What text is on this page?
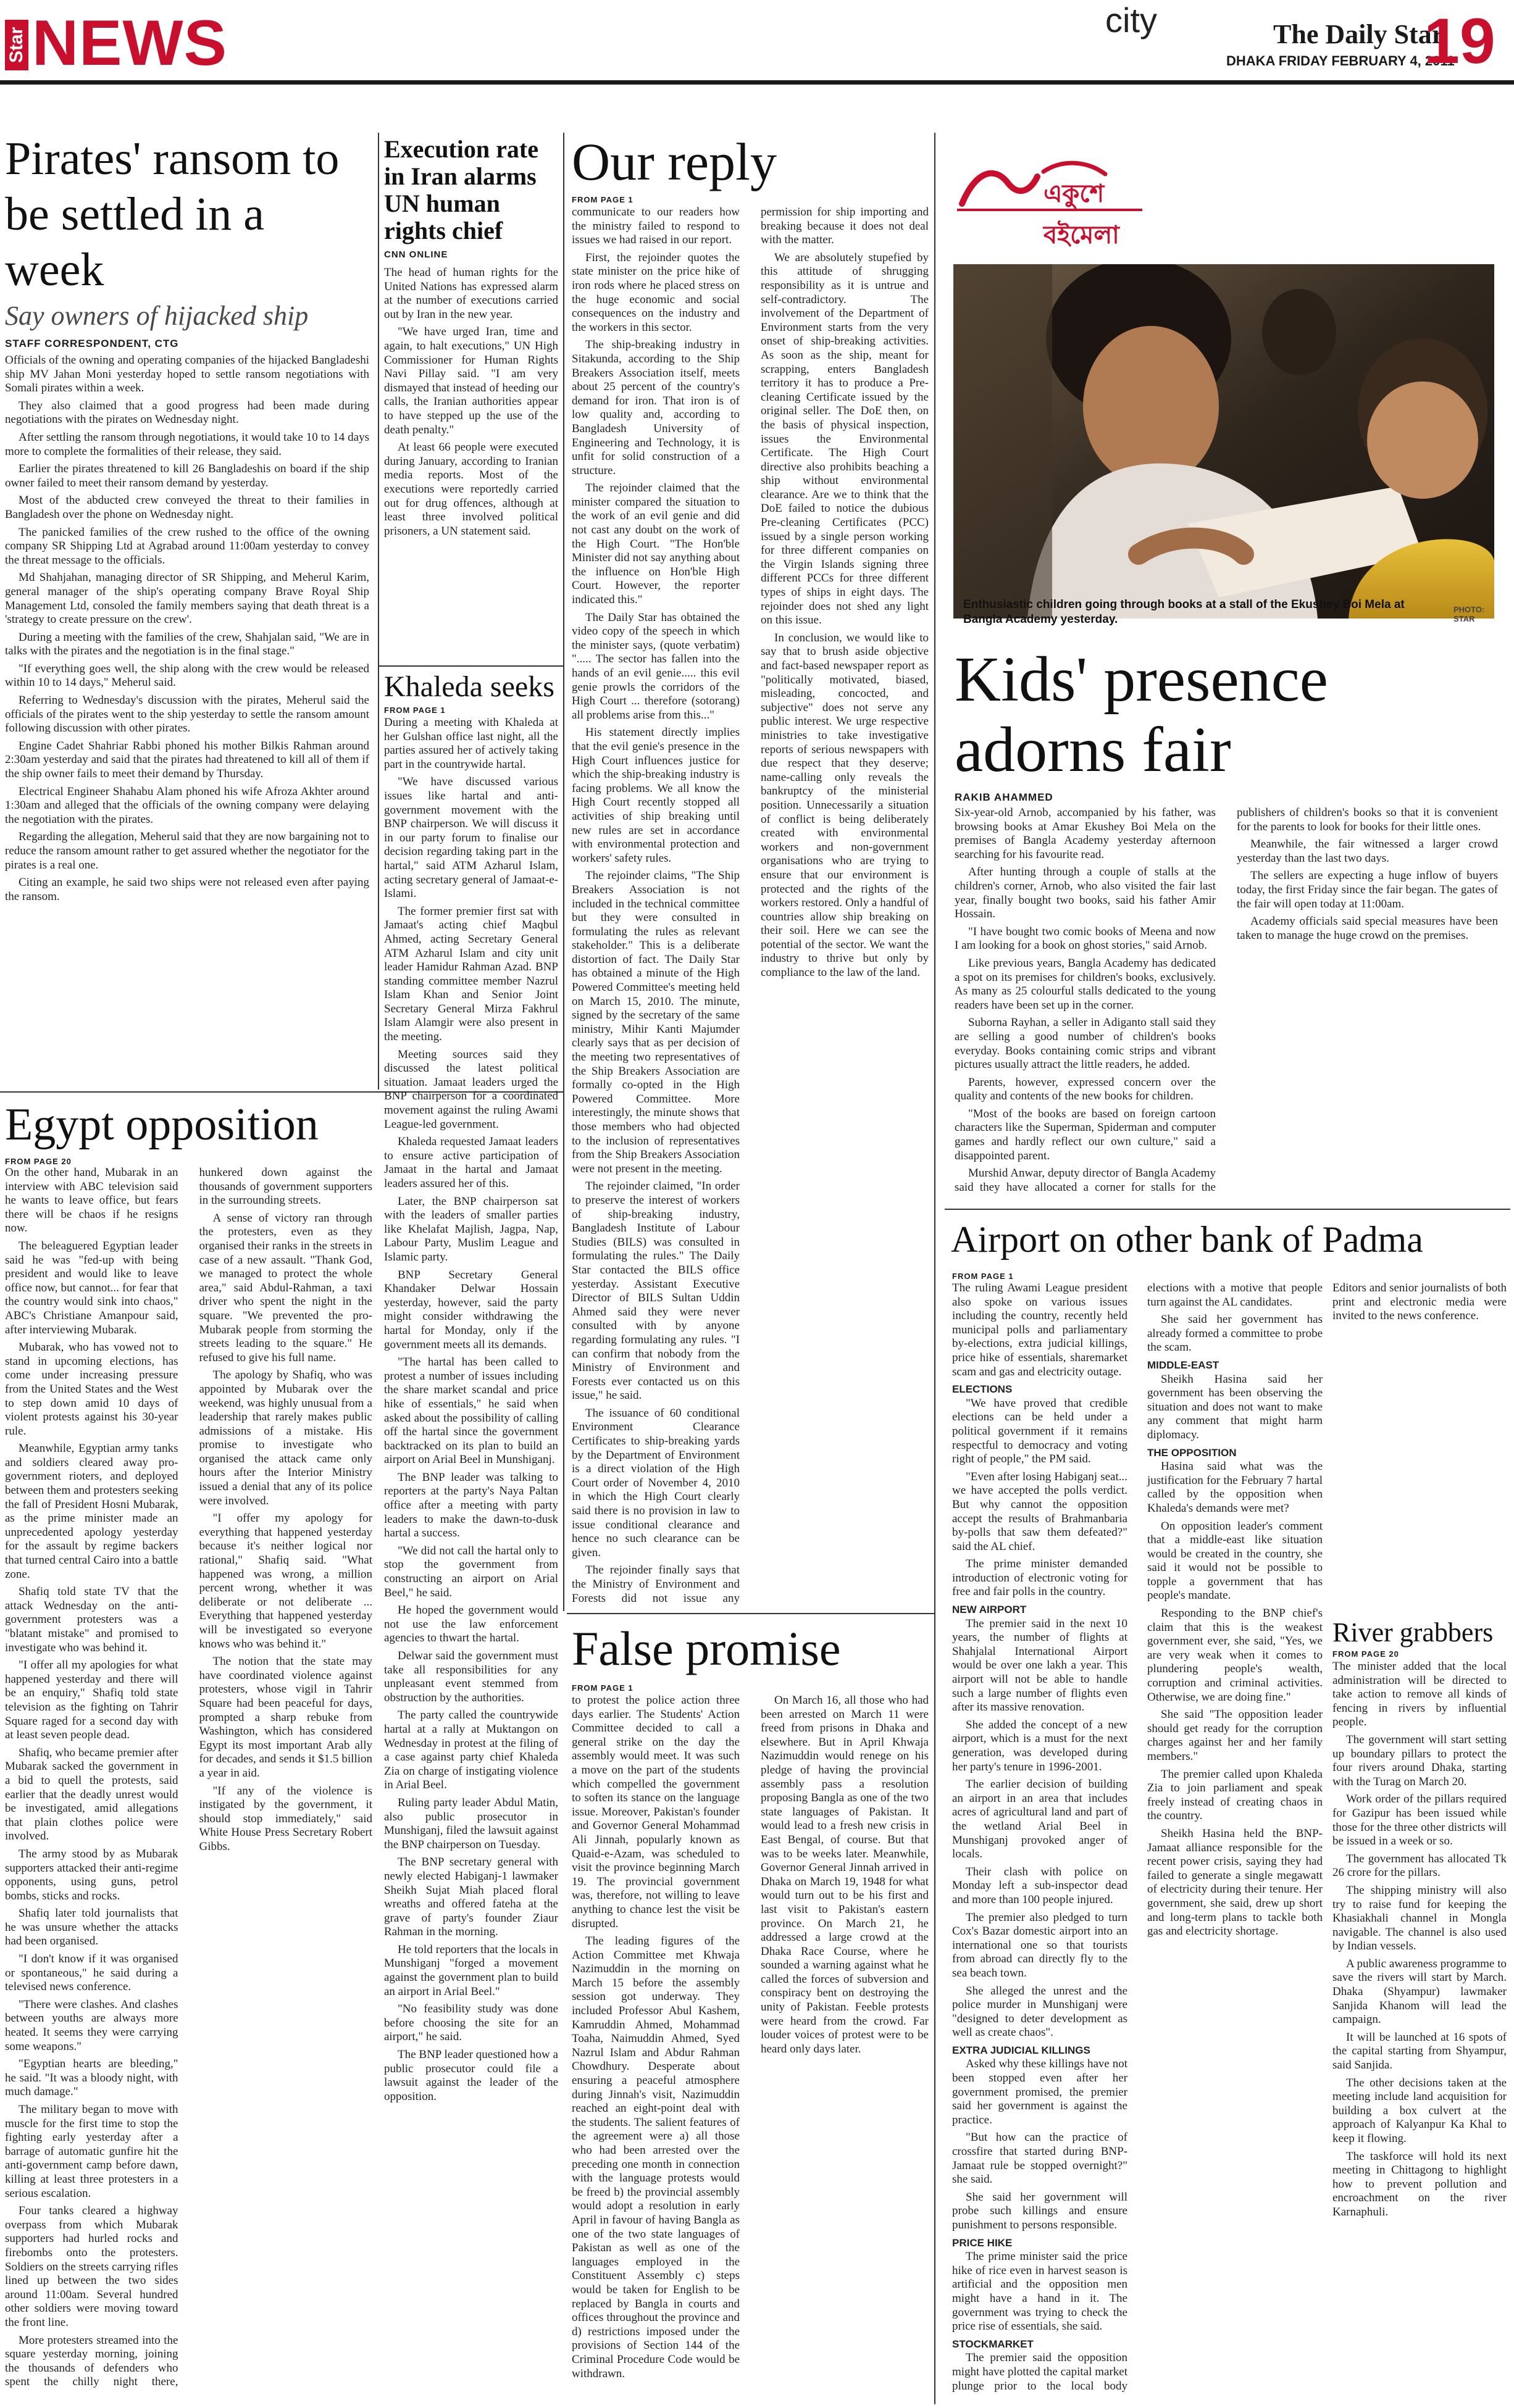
Star NEWS	city	The Daily Star
DHAKA FRIDAY FEBRUARY 4, 2011
19
Pirates' ransom to be settled in a week
Say owners of hijacked ship
STAFF CORRESPONDENT, CTG

Officials of the owning and operating companies of the hijacked Bangladeshi ship MV Jahan Moni yesterday hoped to settle ransom negotiations with Somali pirates within a week.

They also claimed that a good progress had been made during negotiations with the pirates on Wednesday night.

After settling the ransom through negotiations, it would take 10 to 14 days more to complete the formalities of their release, they said.

Earlier the pirates threatened to kill 26 Bangladeshis on board if the ship owner failed to meet their ransom demand by yesterday.

Most of the abducted crew conveyed the threat to their families in Bangladesh over the phone on Wednesday night.

The panicked families of the crew rushed to the office of the owning company SR Shipping Ltd at Agrabad around 11:00am yesterday to convey the threat message to the officials.

Md Shahjahan, managing director of SR Shipping, and Meherul Karim, general manager of the ship's operating company Brave Royal Ship Management Ltd, consoled the family members saying that death threat is a 'strategy to create pressure on the crew'.

During a meeting with the families of the crew, Shahjalan said, "We are in talks with the pirates and the negotiation is in the final stage."

"If everything goes well, the ship along with the crew would be released within 10 to 14 days," Meherul said.

Referring to Wednesday's discussion with the pirates, Meherul said the officials of the pirates went to the ship yesterday to settle the ransom amount following discussion with other pirates.

Engine Cadet Shahriar Rabbi phoned his mother Bilkis Rahman around 2:30am yesterday and said that the pirates had threatened to kill all of them if the ship owner fails to meet their demand by Thursday.

Electrical Engineer Shahabu Alam phoned his wife Afroza Akhter around 1:30am and alleged that the officials of the owning company were delaying the negotiation with the pirates.

Regarding the allegation, Meherul said that they are now bargaining not to reduce the ransom amount rather to get assured whether the negotiator for the pirates is a real one.

Citing an example, he said two ships were not released even after paying the ransom.

Egypt opposition
FROM PAGE 20

On the other hand, Mubarak in an interview with ABC television said he wants to leave office, but fears there will be chaos if he resigns now.

The beleaguered Egyptian leader said he was "fed-up with being president and would like to leave office now, but cannot... for fear that the country would sink into chaos," ABC's Christiane Amanpour said, after interviewing Mubarak.

Mubarak, who has vowed not to stand in upcoming elections, has come under increasing pressure from the United States and the West to step down amid 10 days of violent protests against his 30-year rule.

Meanwhile, Egyptian army tanks and soldiers cleared away pro-government rioters, and deployed between them and protesters seeking the fall of President Hosni Mubarak, as the prime minister made an unprecedented apology yesterday for the assault by regime backers that turned central Cairo into a battle zone.

Shafiq told state TV that the attack Wednesday on the anti-government protesters was a "blatant mistake" and promised to investigate who was behind it.

"I offer all my apologies for what happened yesterday and there will be an enquiry," Shafiq told state television as the fighting on Tahrir Square raged for a second day with at least seven people dead.

Shafiq, who became premier after Mubarak sacked the government in a bid to quell the protests, said earlier that the deadly unrest would be investigated, amid allegations that plain clothes police were involved.

The army stood by as Mubarak supporters attacked their anti-regime opponents, using guns, petrol bombs, sticks and rocks.

Shafiq later told journalists that he was unsure whether the attacks had been organised.

"I don't know if it was organised or spontaneous," he said during a televised news conference.

"There were clashes. And clashes between youths are always more heated. It seems they were carrying some weapons."

"Egyptian hearts are bleeding," he said. "It was a bloody night, with much damage."

The military began to move with muscle for the first time to stop the fighting early yesterday after a barrage of automatic gunfire hit the anti-government camp before dawn, killing at least three protesters in a serious escalation.

Four tanks cleared a highway overpass from which Mubarak supporters had hurled rocks and firebombs onto the protesters. Soldiers on the streets carrying rifles lined up between the two sides around 11:00am. Several hundred other soldiers were moving toward the front line.

More protesters streamed into the square yesterday morning, joining the thousands of defenders who spent the chilly night there, hunkered down against the thousands of government supporters in the surrounding streets.

A sense of victory ran through the protesters, even as they organised their ranks in the streets in case of a new assault. "Thank God, we managed to protect the whole area," said Abdul-Rahman, a taxi driver who spent the night in the square. "We prevented the pro-Mubarak people from storming the streets leading to the square." He refused to give his full name.

The apology by Shafiq, who was appointed by Mubarak over the weekend, was highly unusual from a leadership that rarely makes public admissions of a mistake. His promise to investigate who organised the attack came only hours after the Interior Ministry issued a denial that any of its police were involved.

"I offer my apology for everything that happened yesterday because it's neither logical nor rational," Shafiq said. "What happened was wrong, a million percent wrong, whether it was deliberate or not deliberate ... Everything that happened yesterday will be investigated so everyone knows who was behind it."

The notion that the state may have coordinated violence against protesters, whose vigil in Tahrir Square had been peaceful for days, prompted a sharp rebuke from Washington, which has considered Egypt its most important Arab ally for decades, and sends it $1.5 billion a year in aid.

"If any of the violence is instigated by the government, it should stop immediately," said White House Press Secretary Robert Gibbs.

Execution rate in Iran alarms UN human rights chief
CNN ONLINE

The head of human rights for the United Nations has expressed alarm at the number of executions carried out by Iran in the new year.

"We have urged Iran, time and again, to halt executions," UN High Commissioner for Human Rights Navi Pillay said. "I am very dismayed that instead of heeding our calls, the Iranian authorities appear to have stepped up the use of the death penalty."

At least 66 people were executed during January, according to Iranian media reports. Most of the executions were reportedly carried out for drug offences, although at least three involved political prisoners, a UN statement said.

Khaleda seeks
FROM PAGE 1

During a meeting with Khaleda at her Gulshan office last night, all the parties assured her of actively taking part in the countrywide hartal.

"We have discussed various issues like hartal and anti-government movement with the BNP chairperson. We will discuss it in our party forum to finalise our decision regarding taking part in the hartal," said ATM Azharul Islam, acting secretary general of Jamaat-e-Islami.

The former premier first sat with Jamaat's acting chief Maqbul Ahmed, acting Secretary General ATM Azharul Islam and city unit leader Hamidur Rahman Azad. BNP standing committee member Nazrul Islam Khan and Senior Joint Secretary General Mirza Fakhrul Islam Alamgir were also present in the meeting.

Meeting sources said they discussed the latest political situation. Jamaat leaders urged the BNP chairperson for a coordinated movement against the ruling Awami League-led government.

Khaleda requested Jamaat leaders to ensure active participation of Jamaat in the hartal and Jamaat leaders assured her of this.

Later, the BNP chairperson sat with the leaders of smaller parties like Khelafat Majlish, Jagpa, Nap, Labour Party, Muslim League and Islamic party.

BNP Secretary General Khandaker Delwar Hossain yesterday, however, said the party might consider withdrawing the hartal for Monday, only if the government meets all its demands.

"The hartal has been called to protest a number of issues including the share market scandal and price hike of essentials," he said when asked about the possibility of calling off the hartal since the government backtracked on its plan to build an airport on Arial Beel in Munshiganj.

The BNP leader was talking to reporters at the party's Naya Paltan office after a meeting with party leaders to make the dawn-to-dusk hartal a success.

"We did not call the hartal only to stop the government from constructing an airport on Arial Beel," he said.

He hoped the government would not use the law enforcement agencies to thwart the hartal.

Delwar said the government must take all responsibilities for any unpleasant event stemmed from obstruction by the authorities.

The party called the countrywide hartal at a rally at Muktangon on Wednesday in protest at the filing of a case against party chief Khaleda Zia on charge of instigating violence in Arial Beel.

Ruling party leader Abdul Matin, also public prosecutor in Munshiganj, filed the lawsuit against the BNP chairperson on Tuesday.

The BNP secretary general with newly elected Habiganj-1 lawmaker Sheikh Sujat Miah placed floral wreaths and offered fateha at the grave of party's founder Ziaur Rahman in the morning.

He told reporters that the locals in Munshiganj "forged a movement against the government plan to build an airport in Arial Beel."

"No feasibility study was done before choosing the site for an airport," he said.

The BNP leader questioned how a public prosecutor could file a lawsuit against the leader of the opposition.

Our reply
FROM PAGE 1

communicate to our readers how the ministry failed to respond to issues we had raised in our report.

First, the rejoinder quotes the state minister on the price hike of iron rods where he placed stress on the huge economic and social consequences on the industry and the workers in this sector.

The ship-breaking industry in Sitakunda, according to the Ship Breakers Association itself, meets about 25 percent of the country's demand for iron. That iron is of low quality and, according to Bangladesh University of Engineering and Technology, it is unfit for solid construction of a structure.

The rejoinder claimed that the minister compared the situation to the work of an evil genie and did not cast any doubt on the work of the High Court. "The Hon'ble Minister did not say anything about the influence on Hon'ble High Court. However, the reporter indicated this."

The Daily Star has obtained the video copy of the speech in which the minister says, (quote verbatim) "..... The sector has fallen into the hands of an evil genie..... this evil genie prowls the corridors of the High Court ... therefore (sotorang) all problems arise from this..."

His statement directly implies that the evil genie's presence in the High Court influences justice for which the ship-breaking industry is facing problems. We all know the High Court recently stopped all activities of ship breaking until new rules are set in accordance with environmental protection and workers' safety rules.

The rejoinder claims, "The Ship Breakers Association is not included in the technical committee but they were consulted in formulating the rules as relevant stakeholder." This is a deliberate distortion of fact. The Daily Star has obtained a minute of the High Powered Committee's meeting held on March 15, 2010. The minute, signed by the secretary of the same ministry, Mihir Kanti Majumder clearly says that as per decision of the meeting two representatives of the Ship Breakers Association are formally co-opted in the High Powered Committee. More interestingly, the minute shows that those members who had objected to the inclusion of representatives from the Ship Breakers Association were not present in the meeting.

The rejoinder claimed, "In order to preserve the interest of workers of ship-breaking industry, Bangladesh Institute of Labour Studies (BILS) was consulted in formulating the rules." The Daily Star contacted the BILS office yesterday. Assistant Executive Director of BILS Sultan Uddin Ahmed said they were never consulted with by anyone regarding formulating any rules. "I can confirm that nobody from the Ministry of Environment and Forests ever contacted us on this issue," he said.

The issuance of 60 conditional Environment Clearance Certificates to ship-breaking yards by the Department of Environment is a direct violation of the High Court order of November 4, 2010 in which the High Court clearly said there is no provision in law to issue conditional clearance and hence no such clearance can be given.

The rejoinder finally says that the Ministry of Environment and Forests did not issue any permission for ship importing and breaking because it does not deal with the matter.

We are absolutely stupefied by this attitude of shrugging responsibility as it is untrue and self-contradictory. The involvement of the Department of Environment starts from the very onset of ship-breaking activities. As soon as the ship, meant for scrapping, enters Bangladesh territory it has to produce a Pre-cleaning Certificate issued by the original seller. The DoE then, on the basis of physical inspection, issues the Environmental Certificate. The High Court directive also prohibits beaching a ship without environmental clearance. Are we to think that the DoE failed to notice the dubious Pre-cleaning Certificates (PCC) issued by a single person working for three different companies on the Virgin Islands signing three different PCCs for three different types of ships in eight days. The rejoinder does not shed any light on this issue.

In conclusion, we would like to say that to brush aside objective and fact-based newspaper report as "politically motivated, biased, misleading, concocted, and subjective" does not serve any public interest. We urge respective ministries to take investigative reports of serious newspapers with due respect that they deserve; name-calling only reveals the bankruptcy of the ministerial position. Unnecessarily a situation of conflict is being deliberately created with environmental workers and non-government organisations who are trying to ensure that our environment is protected and the rights of the workers restored. Only a handful of countries allow ship breaking on their soil. Here we can see the potential of the sector. We want the industry to thrive but only by compliance to the law of the land.

False promise
FROM PAGE 1

to protest the police action three days earlier. The Students' Action Committee decided to call a general strike on the day the assembly would meet. It was such a move on the part of the students which compelled the government to soften its stance on the language issue. Moreover, Pakistan's founder and Governor General Mohammad Ali Jinnah, popularly known as Quaid-e-Azam, was scheduled to visit the province beginning March 19. The provincial government was, therefore, not willing to leave anything to chance lest the visit be disrupted.

The leading figures of the Action Committee met Khwaja Nazimuddin in the morning on March 15 before the assembly session got underway. They included Professor Abul Kashem, Kamruddin Ahmed, Mohammad Toaha, Naimuddin Ahmed, Syed Nazrul Islam and Abdur Rahman Chowdhury. Desperate about ensuring a peaceful atmosphere during Jinnah's visit, Nazimuddin reached an eight-point deal with the students. The salient features of the agreement were a) all those who had been arrested over the preceding one month in connection with the language protests would be freed b) the provincial assembly would adopt a resolution in early April in favour of having Bangla as one of the two state languages of Pakistan as well as one of the languages employed in the Constituent Assembly c) steps would be taken for English to be replaced by Bangla in courts and offices throughout the province and d) restrictions imposed under the provisions of Section 144 of the Criminal Procedure Code would be withdrawn.

On March 16, all those who had been arrested on March 11 were freed from prisons in Dhaka and elsewhere. But in April Khwaja Nazimuddin would renege on his pledge of having the provincial assembly pass a resolution proposing Bangla as one of the two state languages of Pakistan. It would lead to a fresh new crisis in East Bengal, of course. But that was to be weeks later. Meanwhile, Governor General Jinnah arrived in Dhaka on March 19, 1948 for what would turn out to be his first and last visit to Pakistan's eastern province. On March 21, he addressed a large crowd at the Dhaka Race Course, where he sounded a warning against what he called the forces of subversion and conspiracy bent on destroying the unity of Pakistan. Feeble protests were heard from the crowd. Far louder voices of protest were to be heard only days later.

একুশে বইমেলা
Enthusiastic children going through books at a stall of the Ekushey Boi Mela at Bangla Academy yesterday.
PHOTO: STAR
Kids' presence adorns fair
RAKIB AHAMMED

Six-year-old Arnob, accompanied by his father, was browsing books at Amar Ekushey Boi Mela on the premises of Bangla Academy yesterday afternoon searching for his favourite read.

After hunting through a couple of stalls at the children's corner, Arnob, who also visited the fair last year, finally bought two books, said his father Amir Hossain.

"I have bought two comic books of Meena and now I am looking for a book on ghost stories," said Arnob.

Like previous years, Bangla Academy has dedicated a spot on its premises for children's books, exclusively. As many as 25 colourful stalls dedicated to the young readers have been set up in the corner.

Suborna Rayhan, a seller in Adiganto stall said they are selling a good number of children's books everyday. Books containing comic strips and vibrant pictures usually attract the little readers, he added.

Parents, however, expressed concern over the quality and contents of the new books for children.

"Most of the books are based on foreign cartoon characters like the Superman, Spiderman and computer games and hardly reflect our own culture," said a disappointed parent.

Murshid Anwar, deputy director of Bangla Academy said they have allocated a corner for stalls for the publishers of children's books so that it is convenient for the parents to look for books for their little ones.

Meanwhile, the fair witnessed a larger crowd yesterday than the last two days.

The sellers are expecting a huge inflow of buyers today, the first Friday since the fair began. The gates of the fair will open today at 11:00am.

Academy officials said special measures have been taken to manage the huge crowd on the premises.

Airport on other bank of Padma
FROM PAGE 1

The ruling Awami League president also spoke on various issues including the country, recently held municipal polls and parliamentary by-elections, extra judicial killings, price hike of essentials, sharemarket scam and gas and electricity outage.

ELECTIONS

"We have proved that credible elections can be held under a political government if it remains respectful to democracy and voting right of people," the PM said.

"Even after losing Habiganj seat... we have accepted the polls verdict. But why cannot the opposition accept the results of Brahmanbaria by-polls that saw them defeated?" said the AL chief.

The prime minister demanded introduction of electronic voting for free and fair polls in the country.

NEW AIRPORT

The premier said in the next 10 years, the number of flights at Shahjalal International Airport would be over one lakh a year. This airport will not be able to handle such a large number of flights even after its massive renovation.

She added the concept of a new airport, which is a must for the next generation, was developed during her party's tenure in 1996-2001.

The earlier decision of building an airport in an area that includes acres of agricultural land and part of the wetland Arial Beel in Munshiganj provoked anger of locals.

Their clash with police on Monday left a sub-inspector dead and more than 100 people injured.

The premier also pledged to turn Cox's Bazar domestic airport into an international one so that tourists from abroad can directly fly to the sea beach town.

She alleged the unrest and the police murder in Munshiganj were "designed to deter development as well as create chaos".

EXTRA JUDICIAL KILLINGS

Asked why these killings have not been stopped even after her government promised, the premier said her government is against the practice.

"But how can the practice of crossfire that started during BNP-Jamaat rule be stopped overnight?" she said.

She said her government will probe such killings and ensure punishment to persons responsible.

PRICE HIKE

The prime minister said the price hike of rice even in harvest season is artificial and the opposition men might have a hand in it. The government was trying to check the price rise of essentials, she said.

STOCKMARKET

The premier said the opposition might have plotted the capital market plunge prior to the local body elections with a motive that people turn against the AL candidates.

She said her government has already formed a committee to probe the scam.

MIDDLE-EAST

Sheikh Hasina said her government has been observing the situation and does not want to make any comment that might harm diplomacy.

THE OPPOSITION

Hasina said what was the justification for the February 7 hartal called by the opposition when Khaleda's demands were met?

On opposition leader's comment that a middle-east like situation would be created in the country, she said it would not be possible to topple a government that has people's mandate.

Responding to the BNP chief's claim that this is the weakest government ever, she said, "Yes, we are very weak when it comes to plundering people's wealth, corruption and criminal activities. Otherwise, we are doing fine."

She said "The opposition leader should get ready for the corruption charges against her and her family members."

The premier called upon Khaleda Zia to join parliament and speak freely instead of creating chaos in the country.

Sheikh Hasina held the BNP-Jamaat alliance responsible for the recent power crisis, saying they had failed to generate a single megawatt of electricity during their tenure. Her government, she said, drew up short and long-term plans to tackle both gas and electricity shortage.

River grabbers
FROM PAGE 20

The minister added that the local administration will be directed to take action to remove all kinds of fencing in rivers by influential people.

The government will start setting up boundary pillars to protect the four rivers around Dhaka, starting with the Turag on March 20.

Work order of the pillars required for Gazipur has been issued while those for the three other districts will be issued in a week or so.

The government has allocated Tk 26 crore for the pillars.

The shipping ministry will also try to raise fund for keeping the Khasiakhali channel in Mongla navigable. The channel is also used by Indian vessels.

A public awareness programme to save the rivers will start by March. Dhaka (Shyampur) lawmaker Sanjida Khanom will lead the campaign.

It will be launched at 16 spots of the capital starting from Shyampur, said Sanjida.

The other decisions taken at the meeting include land acquisition for building a box culvert at the approach of Kalyanpur Ka Khal to keep it flowing.

The taskforce will hold its next meeting in Chittagong to highlight how to prevent pollution and encroachment on the river Karnaphuli.

Editors and senior journalists of both print and electronic media were invited to the news conference.
